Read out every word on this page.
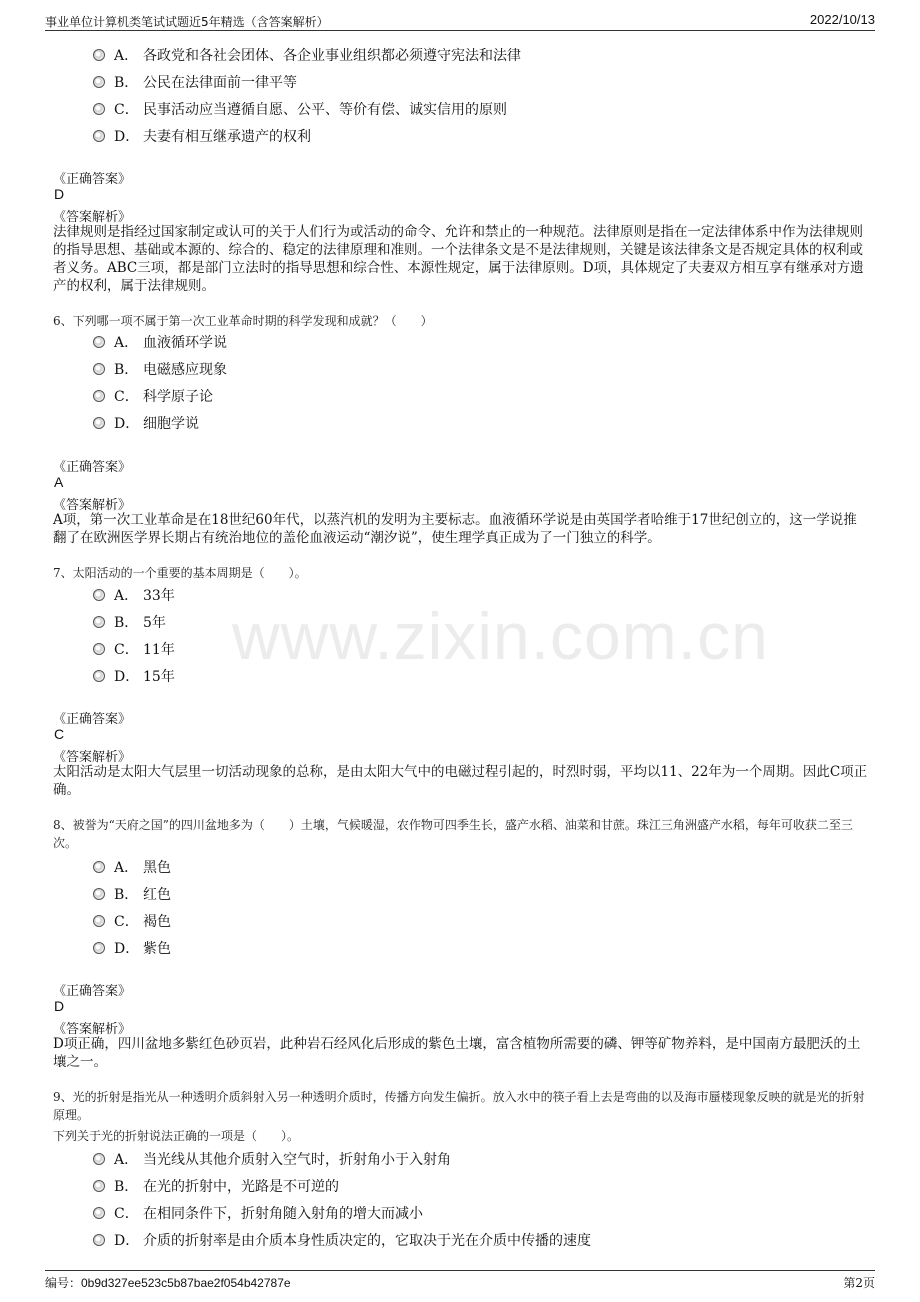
事业单位计算机类笔试试题近5年精选（含答案解析）	2022/10/13
www.zixin.com.cn
A． 各政党和各社会团体、各企业事业组织都必须遵守宪法和法律
B． 公民在法律面前一律平等
C． 民事活动应当遵循自愿、公平、等价有偿、诚实信用的原则
D． 夫妻有相互继承遗产的权利
《正确答案》
D
《答案解析》
法律规则是指经过国家制定或认可的关于人们行为或活动的命令、允许和禁止的一种规范。法律原则是指在一定法律体系中作为法律规则的指导思想、基础或本源的、综合的、稳定的法律原理和准则。一个法律条文是不是法律规则，关键是该法律条文是否规定具体的权利或者义务。ABC三项，都是部门立法时的指导思想和综合性、本源性规定，属于法律原则。D项，具体规定了夫妻双方相互享有继承对方遗产的权利，属于法律规则。
6、下列哪一项不属于第一次工业革命时期的科学发现和成就？（　　）
A． 血液循环学说
B． 电磁感应现象
C． 科学原子论
D． 细胞学说
《正确答案》
A
《答案解析》
A项，第一次工业革命是在18世纪60年代，以蒸汽机的发明为主要标志。血液循环学说是由英国学者哈维于17世纪创立的，这一学说推翻了在欧洲医学界长期占有统治地位的盖伦血液运动“潮汐说”，使生理学真正成为了一门独立的科学。
7、太阳活动的一个重要的基本周期是（　　）。
A． 33年
B． 5年
C． 11年
D． 15年
《正确答案》
C
《答案解析》
太阳活动是太阳大气层里一切活动现象的总称，是由太阳大气中的电磁过程引起的，时烈时弱，平均以11、22年为一个周期。因此C项正确。
8、被誉为“天府之国”的四川盆地多为（　　）土壤，气候暖湿，农作物可四季生长，盛产水稻、油菜和甘蔗。珠江三角洲盛产水稻，每年可收获二至三次。
A． 黑色
B． 红色
C． 褐色
D． 紫色
《正确答案》
D
《答案解析》
D项正确，四川盆地多紫红色砂页岩，此种岩石经风化后形成的紫色土壤，富含植物所需要的磷、钾等矿物养料，是中国南方最肥沃的土壤之一。
9、光的折射是指光从一种透明介质斜射入另一种透明介质时，传播方向发生偏折。放入水中的筷子看上去是弯曲的以及海市蜃楼现象反映的就是光的折射原理。
下列关于光的折射说法正确的一项是（　　）。
A． 当光线从其他介质射入空气时，折射角小于入射角
B． 在光的折射中，光路是不可逆的
C． 在相同条件下，折射角随入射角的增大而减小
D． 介质的折射率是由介质本身性质决定的，它取决于光在介质中传播的速度
编号：0b9d327ee523c5b87bae2f054b42787e	第2页
